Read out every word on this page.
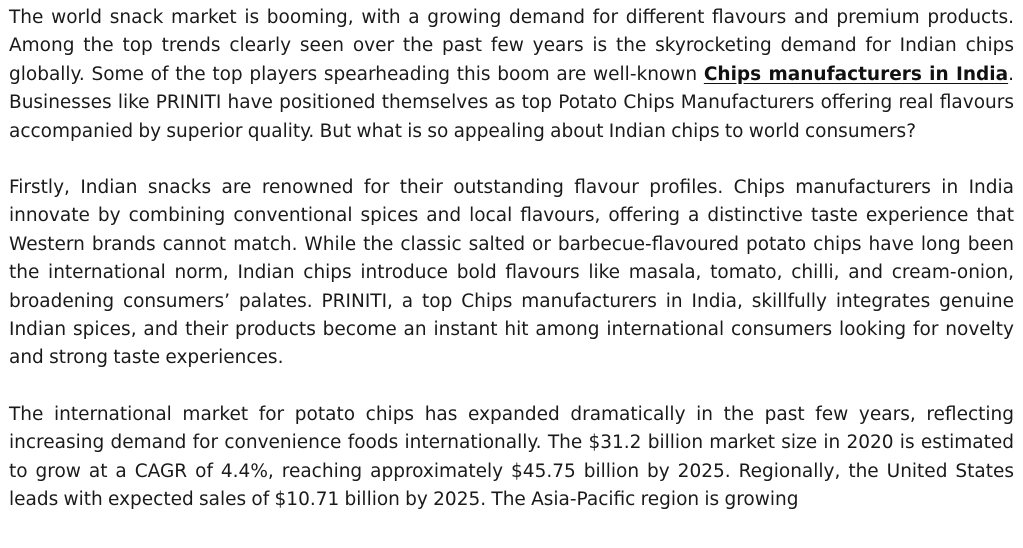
The world snack market is booming, with a growing demand for different flavours and premium products. Among the top trends clearly seen over the past few years is the skyrocketing demand for Indian chips globally. Some of the top players spearheading this boom are well-known Chips manufacturers in India. Businesses like PRINITI have positioned themselves as top Potato Chips Manufacturers offering real flavours accompanied by superior quality. But what is so appealing about Indian chips to world consumers?

Firstly, Indian snacks are renowned for their outstanding flavour profiles. Chips manufacturers in India innovate by combining conventional spices and local flavours, offering a distinctive taste experience that Western brands cannot match. While the classic salted or barbecue-flavoured potato chips have long been the international norm, Indian chips introduce bold flavours like masala, tomato, chilli, and cream-onion, broadening consumers’ palates. PRINITI, a top Chips manufacturers in India, skillfully integrates genuine Indian spices, and their products become an instant hit among international consumers looking for novelty and strong taste experiences.

The international market for potato chips has expanded dramatically in the past few years, reflecting increasing demand for convenience foods internationally. The $31.2 billion market size in 2020 is estimated to grow at a CAGR of 4.4%, reaching approximately $45.75 billion by 2025. Regionally, the United States leads with expected sales of $10.71 billion by 2025. The Asia-Pacific region is growing
